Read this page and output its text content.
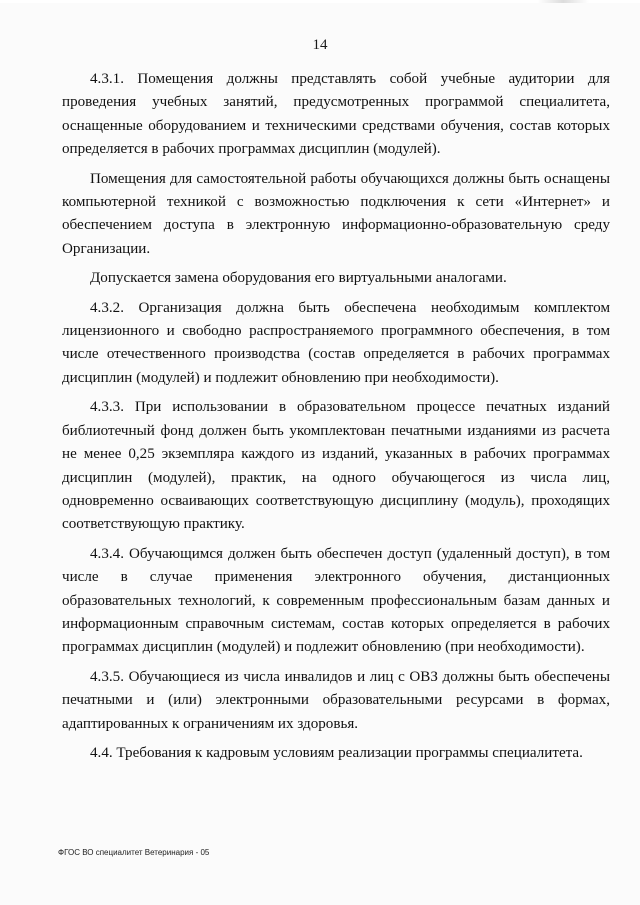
14

4.3.1. Помещения должны представлять собой учебные аудитории для проведения учебных занятий, предусмотренных программой специалитета, оснащенные оборудованием и техническими средствами обучения, состав которых определяется в рабочих программах дисциплин (модулей).

Помещения для самостоятельной работы обучающихся должны быть оснащены компьютерной техникой с возможностью подключения к сети «Интернет» и обеспечением доступа в электронную информационно-образовательную среду Организации.

Допускается замена оборудования его виртуальными аналогами.

4.3.2. Организация должна быть обеспечена необходимым комплектом лицензионного и свободно распространяемого программного обеспечения, в том числе отечественного производства (состав определяется в рабочих программах дисциплин (модулей) и подлежит обновлению при необходимости).

4.3.3. При использовании в образовательном процессе печатных изданий библиотечный фонд должен быть укомплектован печатными изданиями из расчета не менее 0,25 экземпляра каждого из изданий, указанных в рабочих программах дисциплин (модулей), практик, на одного обучающегося из числа лиц, одновременно осваивающих соответствующую дисциплину (модуль), проходящих соответствующую практику.

4.3.4. Обучающимся должен быть обеспечен доступ (удаленный доступ), в том числе в случае применения электронного обучения, дистанционных образовательных технологий, к современным профессиональным базам данных и информационным справочным системам, состав которых определяется в рабочих программах дисциплин (модулей) и подлежит обновлению (при необходимости).

4.3.5. Обучающиеся из числа инвалидов и лиц с ОВЗ должны быть обеспечены печатными и (или) электронными образовательными ресурсами в формах, адаптированных к ограничениям их здоровья.

4.4. Требования к кадровым условиям реализации программы специалитета.

ФГОС ВО специалитет Ветеринария - 05
